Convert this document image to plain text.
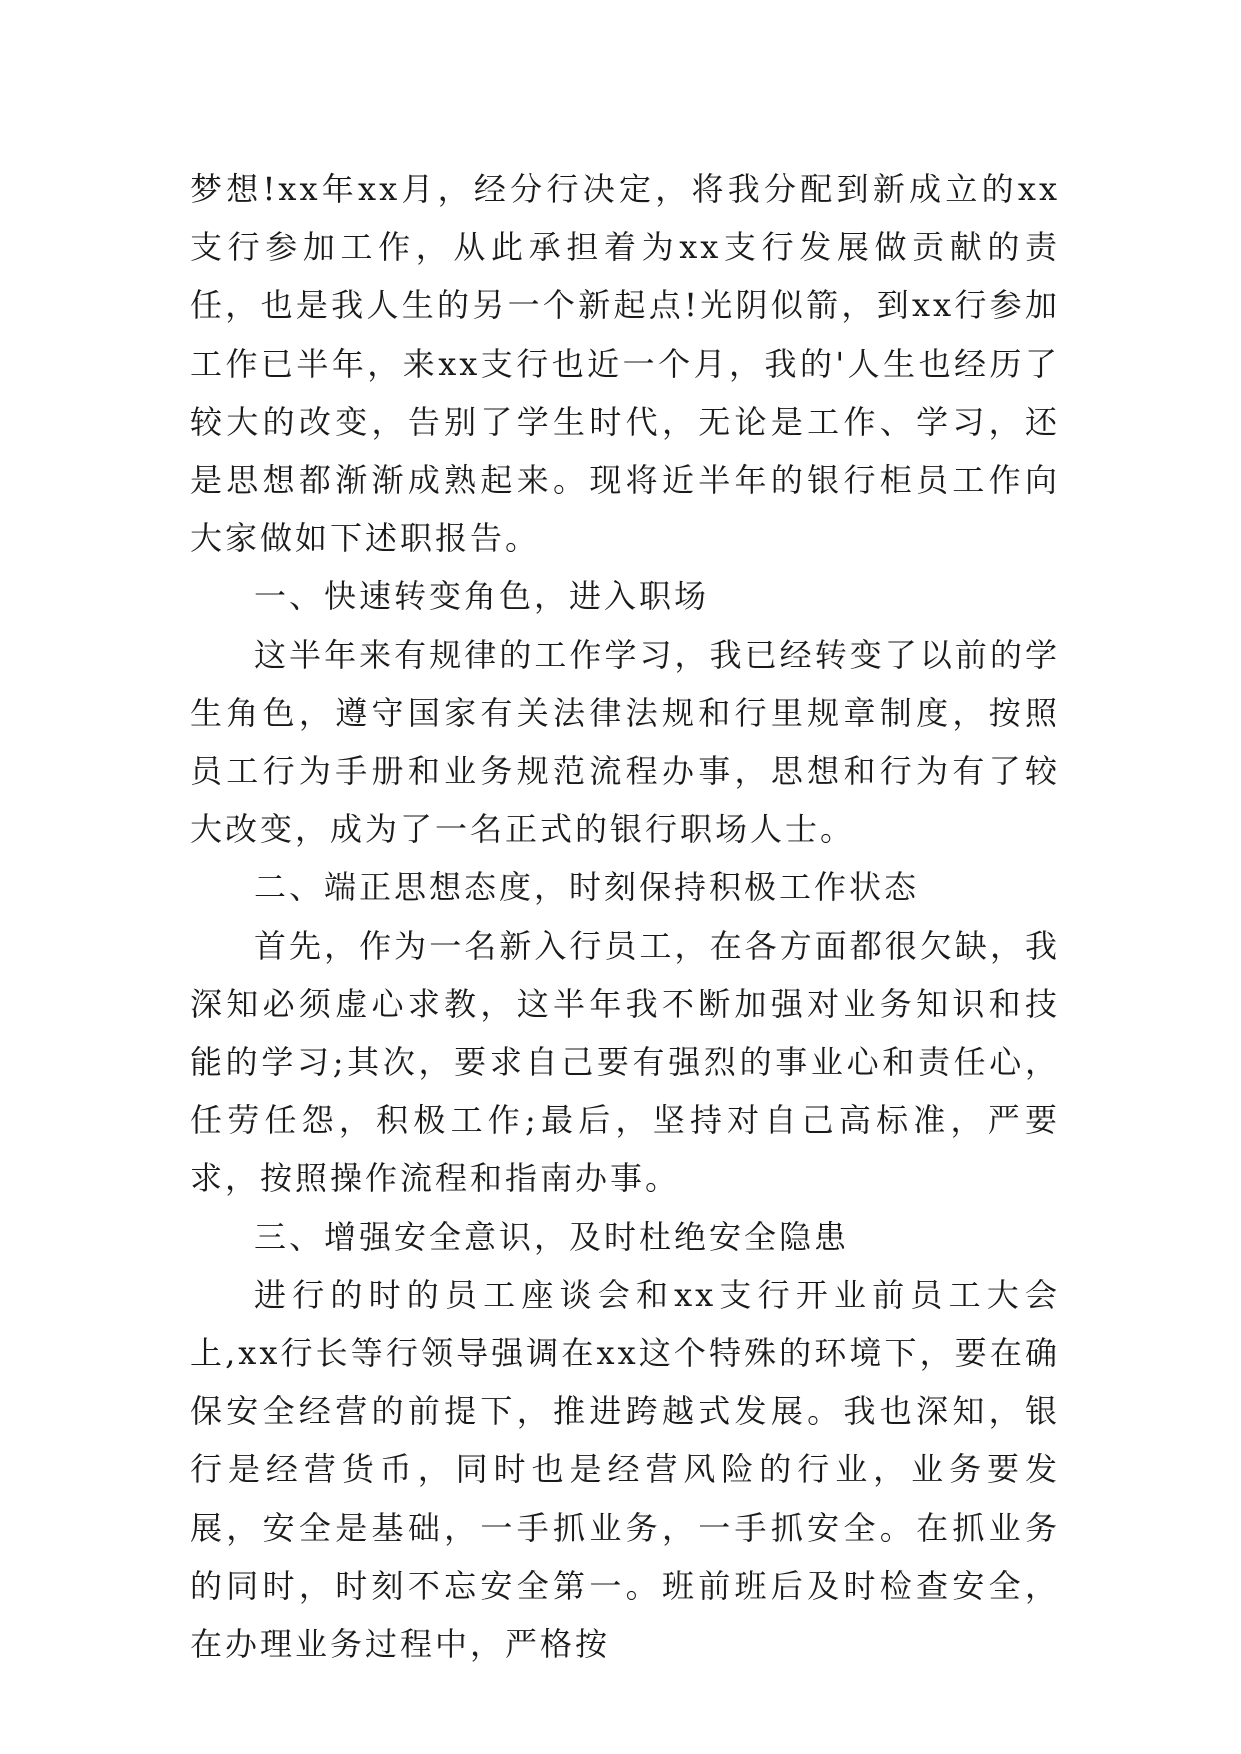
梦想!xx年xx月，经分行决定，将我分配到新成立的xx支行参加工作，从此承担着为xx支行发展做贡献的责任，也是我人生的另一个新起点!光阴似箭，到xx行参加工作已半年，来xx支行也近一个月，我的'人生也经历了较大的改变，告别了学生时代，无论是工作、学习，还是思想都渐渐成熟起来。现将近半年的银行柜员工作向大家做如下述职报告。

一、快速转变角色，进入职场

这半年来有规律的工作学习，我已经转变了以前的学生角色，遵守国家有关法律法规和行里规章制度，按照员工行为手册和业务规范流程办事，思想和行为有了较大改变，成为了一名正式的银行职场人士。

二、端正思想态度，时刻保持积极工作状态

首先，作为一名新入行员工，在各方面都很欠缺，我深知必须虚心求教，这半年我不断加强对业务知识和技能的学习;其次，要求自己要有强烈的事业心和责任心，任劳任怨，积极工作;最后，坚持对自己高标准，严要求，按照操作流程和指南办事。

三、增强安全意识，及时杜绝安全隐患

进行的时的员工座谈会和xx支行开业前员工大会上,xx行长等行领导强调在xx这个特殊的环境下，要在确保安全经营的前提下，推进跨越式发展。我也深知，银行是经营货币，同时也是经营风险的行业，业务要发展，安全是基础，一手抓业务，一手抓安全。在抓业务的同时，时刻不忘安全第一。班前班后及时检查安全，在办理业务过程中，严格按
